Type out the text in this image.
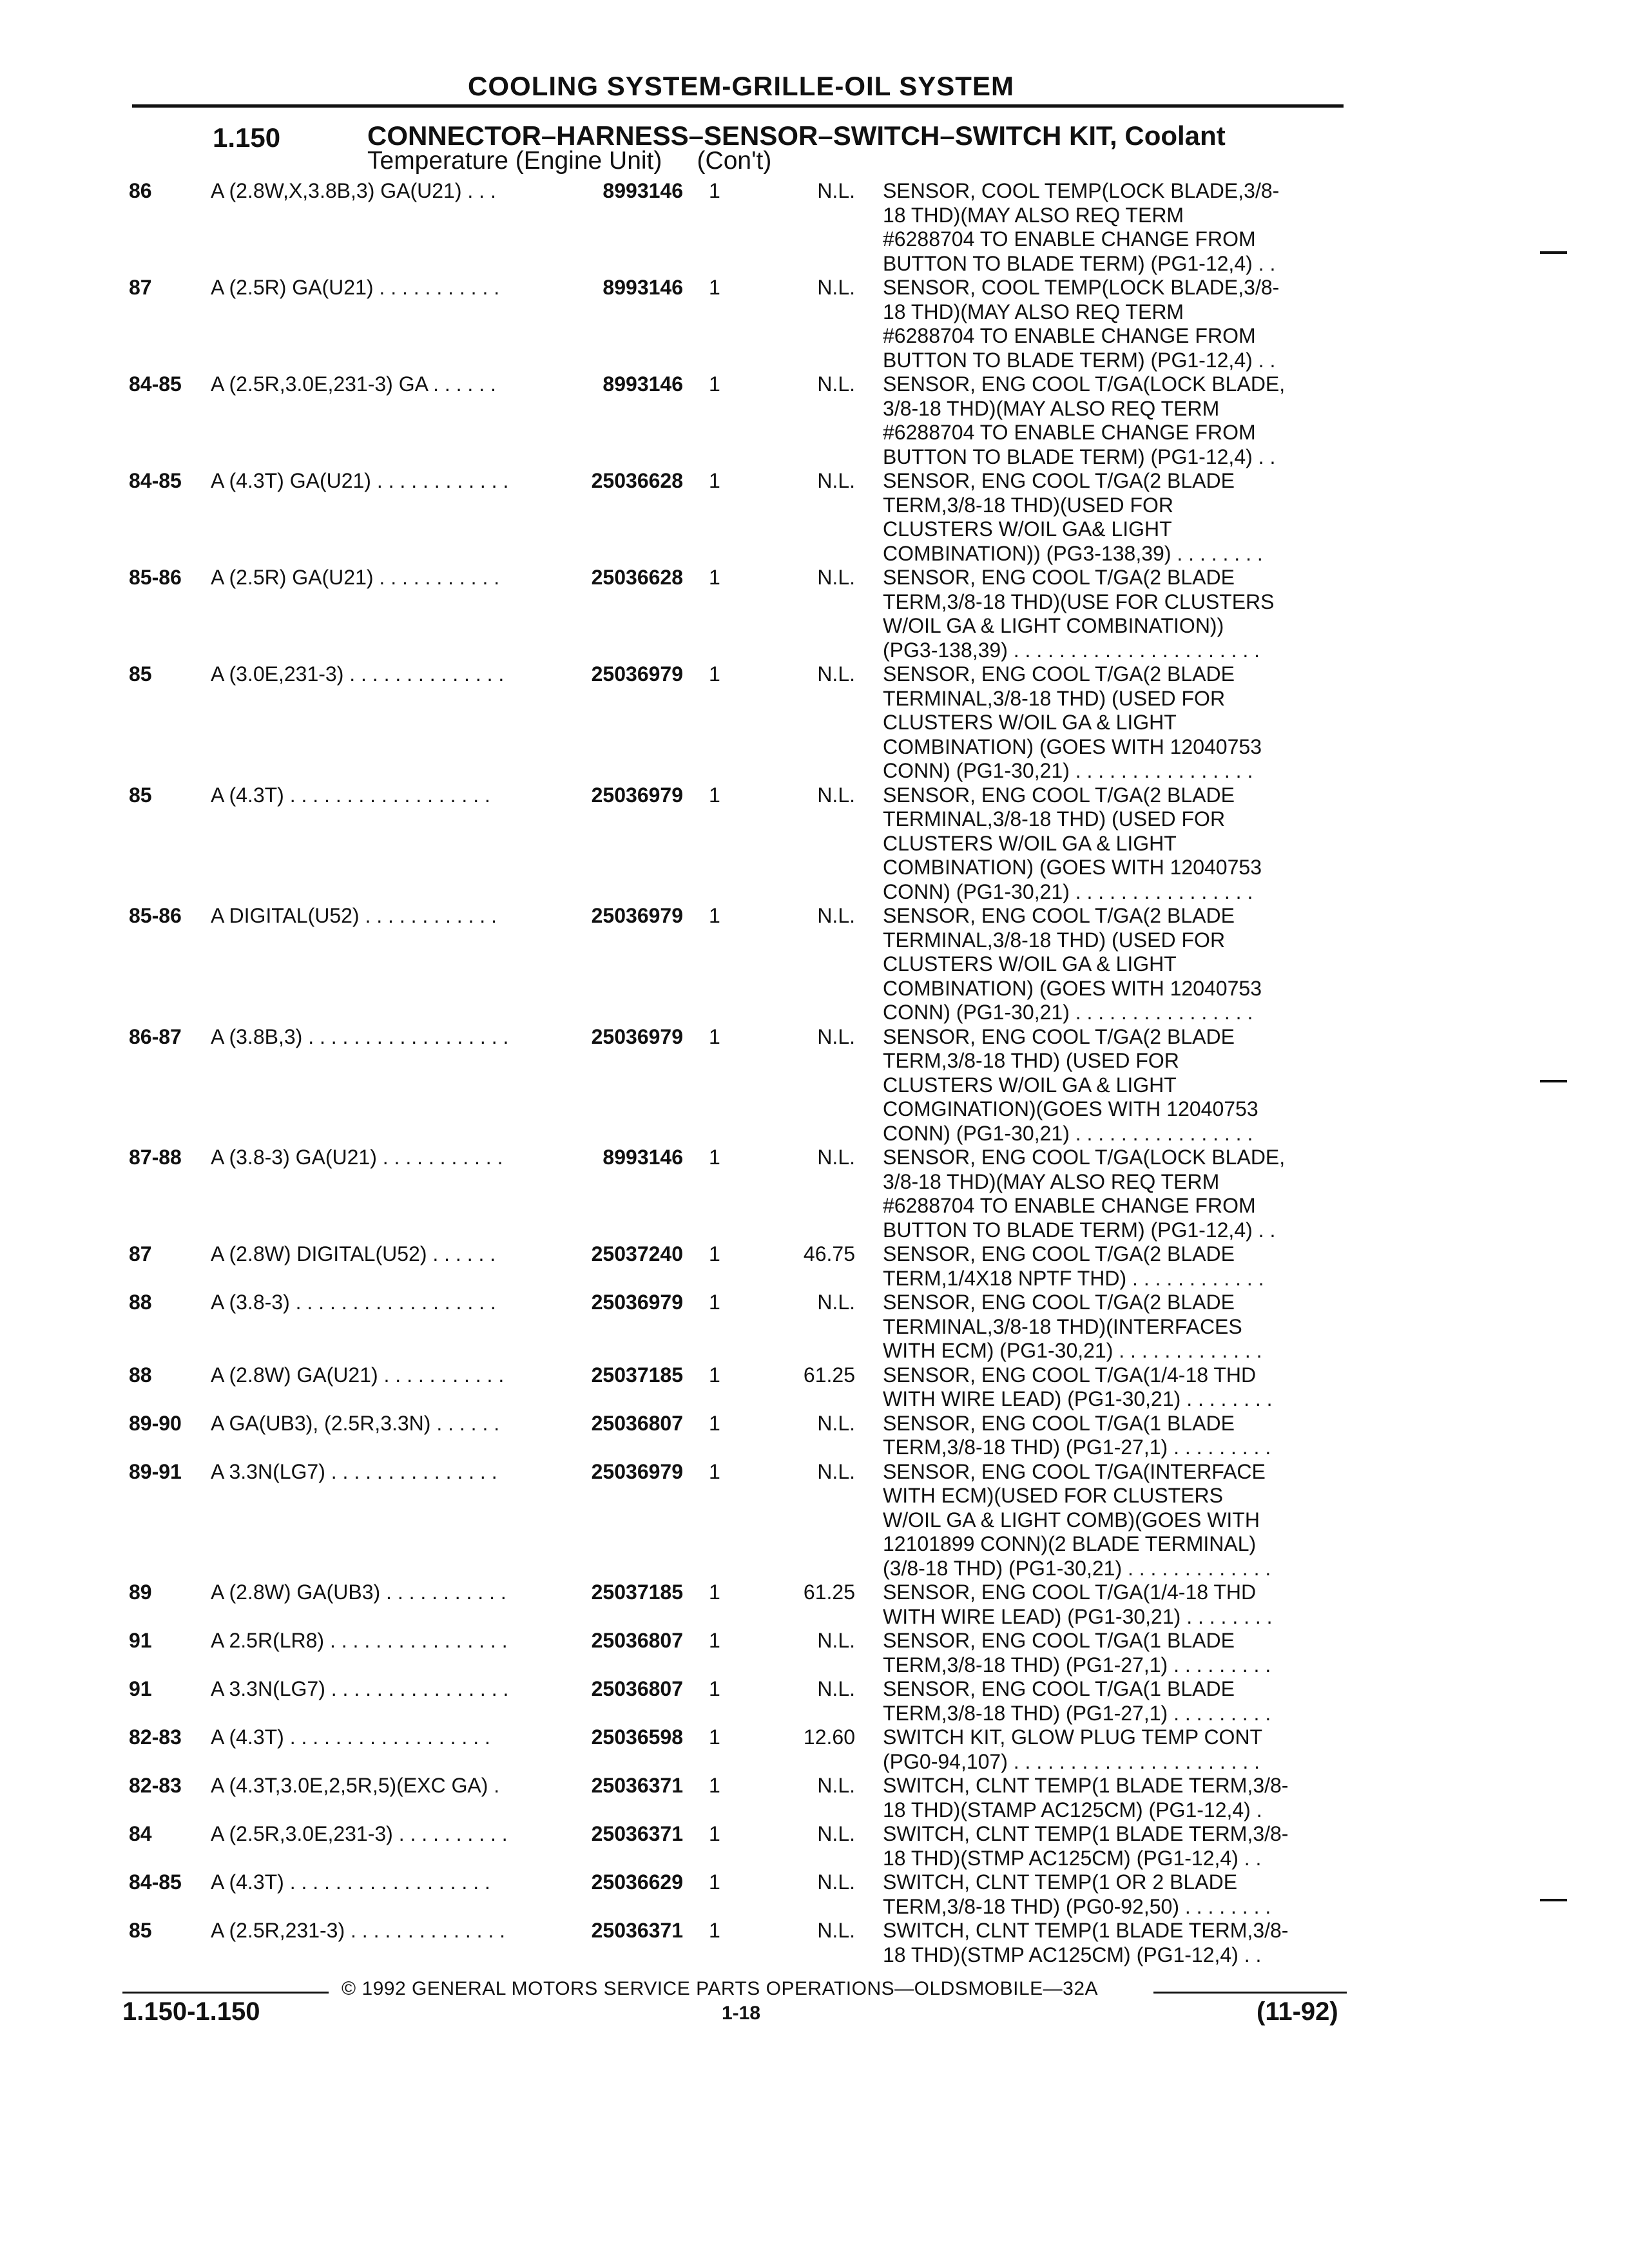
COOLING SYSTEM-GRILLE-OIL SYSTEM
1.150	CONNECTOR–HARNESS–SENSOR–SWITCH–SWITCH KIT, Coolant
Temperature (Engine Unit)     (Con't)
86	A (2.8W,X,3.8B,3) GA(U21) . . .	8993146 1	N.L. SENSOR, COOL TEMP(LOCK BLADE,3/8-
18 THD)(MAY ALSO REQ TERM
#6288704 TO ENABLE CHANGE FROM
BUTTON TO BLADE TERM) (PG1-12,4) . .
87	A (2.5R) GA(U21) . . . . . . . . . . .	8993146 1	N.L. SENSOR, COOL TEMP(LOCK BLADE,3/8-
18 THD)(MAY ALSO REQ TERM
#6288704 TO ENABLE CHANGE FROM
BUTTON TO BLADE TERM) (PG1-12,4) . .
84-85 A (2.5R,3.0E,231-3) GA . . . . . .	8993146 1	N.L. SENSOR, ENG COOL T/GA(LOCK BLADE,
3/8-18 THD)(MAY ALSO REQ TERM
#6288704 TO ENABLE CHANGE FROM
BUTTON TO BLADE TERM) (PG1-12,4) . .
84-85 A (4.3T) GA(U21) . . . . . . . . . . . .	25036628 1	N.L. SENSOR, ENG COOL T/GA(2 BLADE
TERM,3/8-18 THD)(USED FOR
CLUSTERS W/OIL GA& LIGHT
COMBINATION)) (PG3-138,39) . . . . . . . .
85-86 A (2.5R) GA(U21) . . . . . . . . . . .	25036628 1	N.L. SENSOR, ENG COOL T/GA(2 BLADE
TERM,3/8-18 THD)(USE FOR CLUSTERS
W/OIL GA & LIGHT COMBINATION))
(PG3-138,39) . . . . . . . . . . . . . . . . . . . . . .
85	A (3.0E,231-3) . . . . . . . . . . . . . .	25036979 1	N.L. SENSOR, ENG COOL T/GA(2 BLADE
TERMINAL,3/8-18 THD) (USED FOR
CLUSTERS W/OIL GA & LIGHT
COMBINATION) (GOES WITH 12040753
CONN) (PG1-30,21) . . . . . . . . . . . . . . . .
85	A (4.3T) . . . . . . . . . . . . . . . . . .	25036979 1	N.L. SENSOR, ENG COOL T/GA(2 BLADE
TERMINAL,3/8-18 THD) (USED FOR
CLUSTERS W/OIL GA & LIGHT
COMBINATION) (GOES WITH 12040753
CONN) (PG1-30,21) . . . . . . . . . . . . . . . .
85-86 A DIGITAL(U52) . . . . . . . . . . . .	25036979 1	N.L. SENSOR, ENG COOL T/GA(2 BLADE
TERMINAL,3/8-18 THD) (USED FOR
CLUSTERS W/OIL GA & LIGHT
COMBINATION) (GOES WITH 12040753
CONN) (PG1-30,21) . . . . . . . . . . . . . . . .
86-87 A (3.8B,3) . . . . . . . . . . . . . . . . . .	25036979 1	N.L. SENSOR, ENG COOL T/GA(2 BLADE
TERM,3/8-18 THD) (USED FOR
CLUSTERS W/OIL GA & LIGHT
COMGINATION)(GOES WITH 12040753
CONN) (PG1-30,21) . . . . . . . . . . . . . . . .
87-88 A (3.8-3) GA(U21) . . . . . . . . . . .	8993146 1	N.L. SENSOR, ENG COOL T/GA(LOCK BLADE,
3/8-18 THD)(MAY ALSO REQ TERM
#6288704 TO ENABLE CHANGE FROM
BUTTON TO BLADE TERM) (PG1-12,4) . .
87	A (2.8W) DIGITAL(U52) . . . . . .	25037240 1	46.75 SENSOR, ENG COOL T/GA(2 BLADE
TERM,1/4X18 NPTF THD) . . . . . . . . . . . .
88	A (3.8-3) . . . . . . . . . . . . . . . . . .	25036979 1	N.L. SENSOR, ENG COOL T/GA(2 BLADE
TERMINAL,3/8-18 THD)(INTERFACES
WITH ECM) (PG1-30,21) . . . . . . . . . . . . .
88	A (2.8W) GA(U21) . . . . . . . . . . .	25037185 1	61.25 SENSOR, ENG COOL T/GA(1/4-18 THD
WITH WIRE LEAD) (PG1-30,21) . . . . . . . .
89-90 A GA(UB3), (2.5R,3.3N) . . . . . .	25036807 1	N.L. SENSOR, ENG COOL T/GA(1 BLADE
TERM,3/8-18 THD) (PG1-27,1) . . . . . . . . .
89-91 A 3.3N(LG7) . . . . . . . . . . . . . . .	25036979 1	N.L. SENSOR, ENG COOL T/GA(INTERFACE
WITH ECM)(USED FOR CLUSTERS
W/OIL GA & LIGHT COMB)(GOES WITH
12101899 CONN)(2 BLADE TERMINAL)
(3/8-18 THD) (PG1-30,21) . . . . . . . . . . . . .
89	A (2.8W) GA(UB3) . . . . . . . . . . .	25037185 1	61.25 SENSOR, ENG COOL T/GA(1/4-18 THD
WITH WIRE LEAD) (PG1-30,21) . . . . . . . .
91	A 2.5R(LR8) . . . . . . . . . . . . . . . .	25036807 1	N.L. SENSOR, ENG COOL T/GA(1 BLADE
TERM,3/8-18 THD) (PG1-27,1) . . . . . . . . .
91	A 3.3N(LG7) . . . . . . . . . . . . . . . .	25036807 1	N.L. SENSOR, ENG COOL T/GA(1 BLADE
TERM,3/8-18 THD) (PG1-27,1) . . . . . . . . .
82-83 A (4.3T) . . . . . . . . . . . . . . . . . .	25036598 1	12.60 SWITCH KIT, GLOW PLUG TEMP CONT
(PG0-94,107) . . . . . . . . . . . . . . . . . . . . . .
82-83 A (4.3T,3.0E,2,5R,5)(EXC GA) .	25036371 1	N.L. SWITCH, CLNT TEMP(1 BLADE TERM,3/8-
18 THD)(STAMP AC125CM) (PG1-12,4) .
84	A (2.5R,3.0E,231-3) . . . . . . . . . .	25036371 1	N.L. SWITCH, CLNT TEMP(1 BLADE TERM,3/8-
18 THD)(STMP AC125CM) (PG1-12,4) . .
84-85 A (4.3T) . . . . . . . . . . . . . . . . . .	25036629 1	N.L. SWITCH, CLNT TEMP(1 OR 2 BLADE
TERM,3/8-18 THD) (PG0-92,50) . . . . . . . .
85	A (2.5R,231-3) . . . . . . . . . . . . . .	25036371 1	N.L. SWITCH, CLNT TEMP(1 BLADE TERM,3/8-
18 THD)(STMP AC125CM) (PG1-12,4) . .
© 1992 GENERAL MOTORS SERVICE PARTS OPERATIONS—OLDSMOBILE—32A
1.150-1.150	1-18	(11-92)
